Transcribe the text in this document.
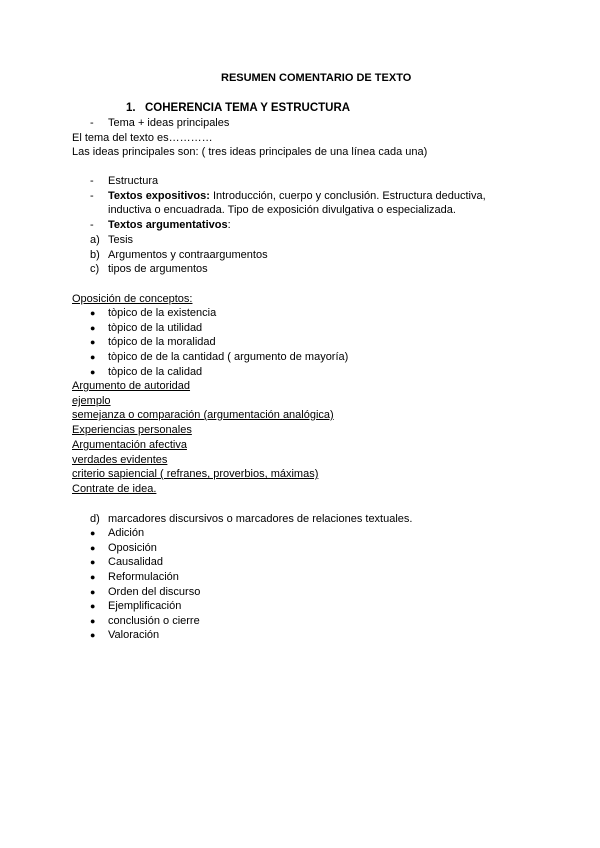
RESUMEN COMENTARIO DE TEXTO
1. COHERENCIA TEMA Y ESTRUCTURA
- Tema + ideas principales
El tema del texto es…………
Las ideas principales son: ( tres ideas principales de una línea cada una)
- Estructura
- Textos expositivos: Introducción, cuerpo y conclusión. Estructura deductiva,
inductiva o encuadrada. Tipo de exposición divulgativa o especializada.
- Textos argumentativos:
a) Tesis
b) Argumentos y contraargumentos
c) tipos de argumentos
Oposición de conceptos:
● tòpico de la existencia
● tòpico de la utilidad
● tópico de la moralidad
● tòpico de de la cantidad ( argumento de mayoría)
● tòpico de la calidad
Argumento de autoridad
ejemplo
semejanza o comparación (argumentación analógica)
Experiencias personales
Argumentación afectiva
verdades evidentes
criterio sapiencial ( refranes, proverbios, máximas)
Contrate de idea.
d) marcadores discursivos o marcadores de relaciones textuales.
● Adición
● Oposición
● Causalidad
● Reformulación
● Orden del discurso
● Ejemplificación
● conclusión o cierre
● Valoración
